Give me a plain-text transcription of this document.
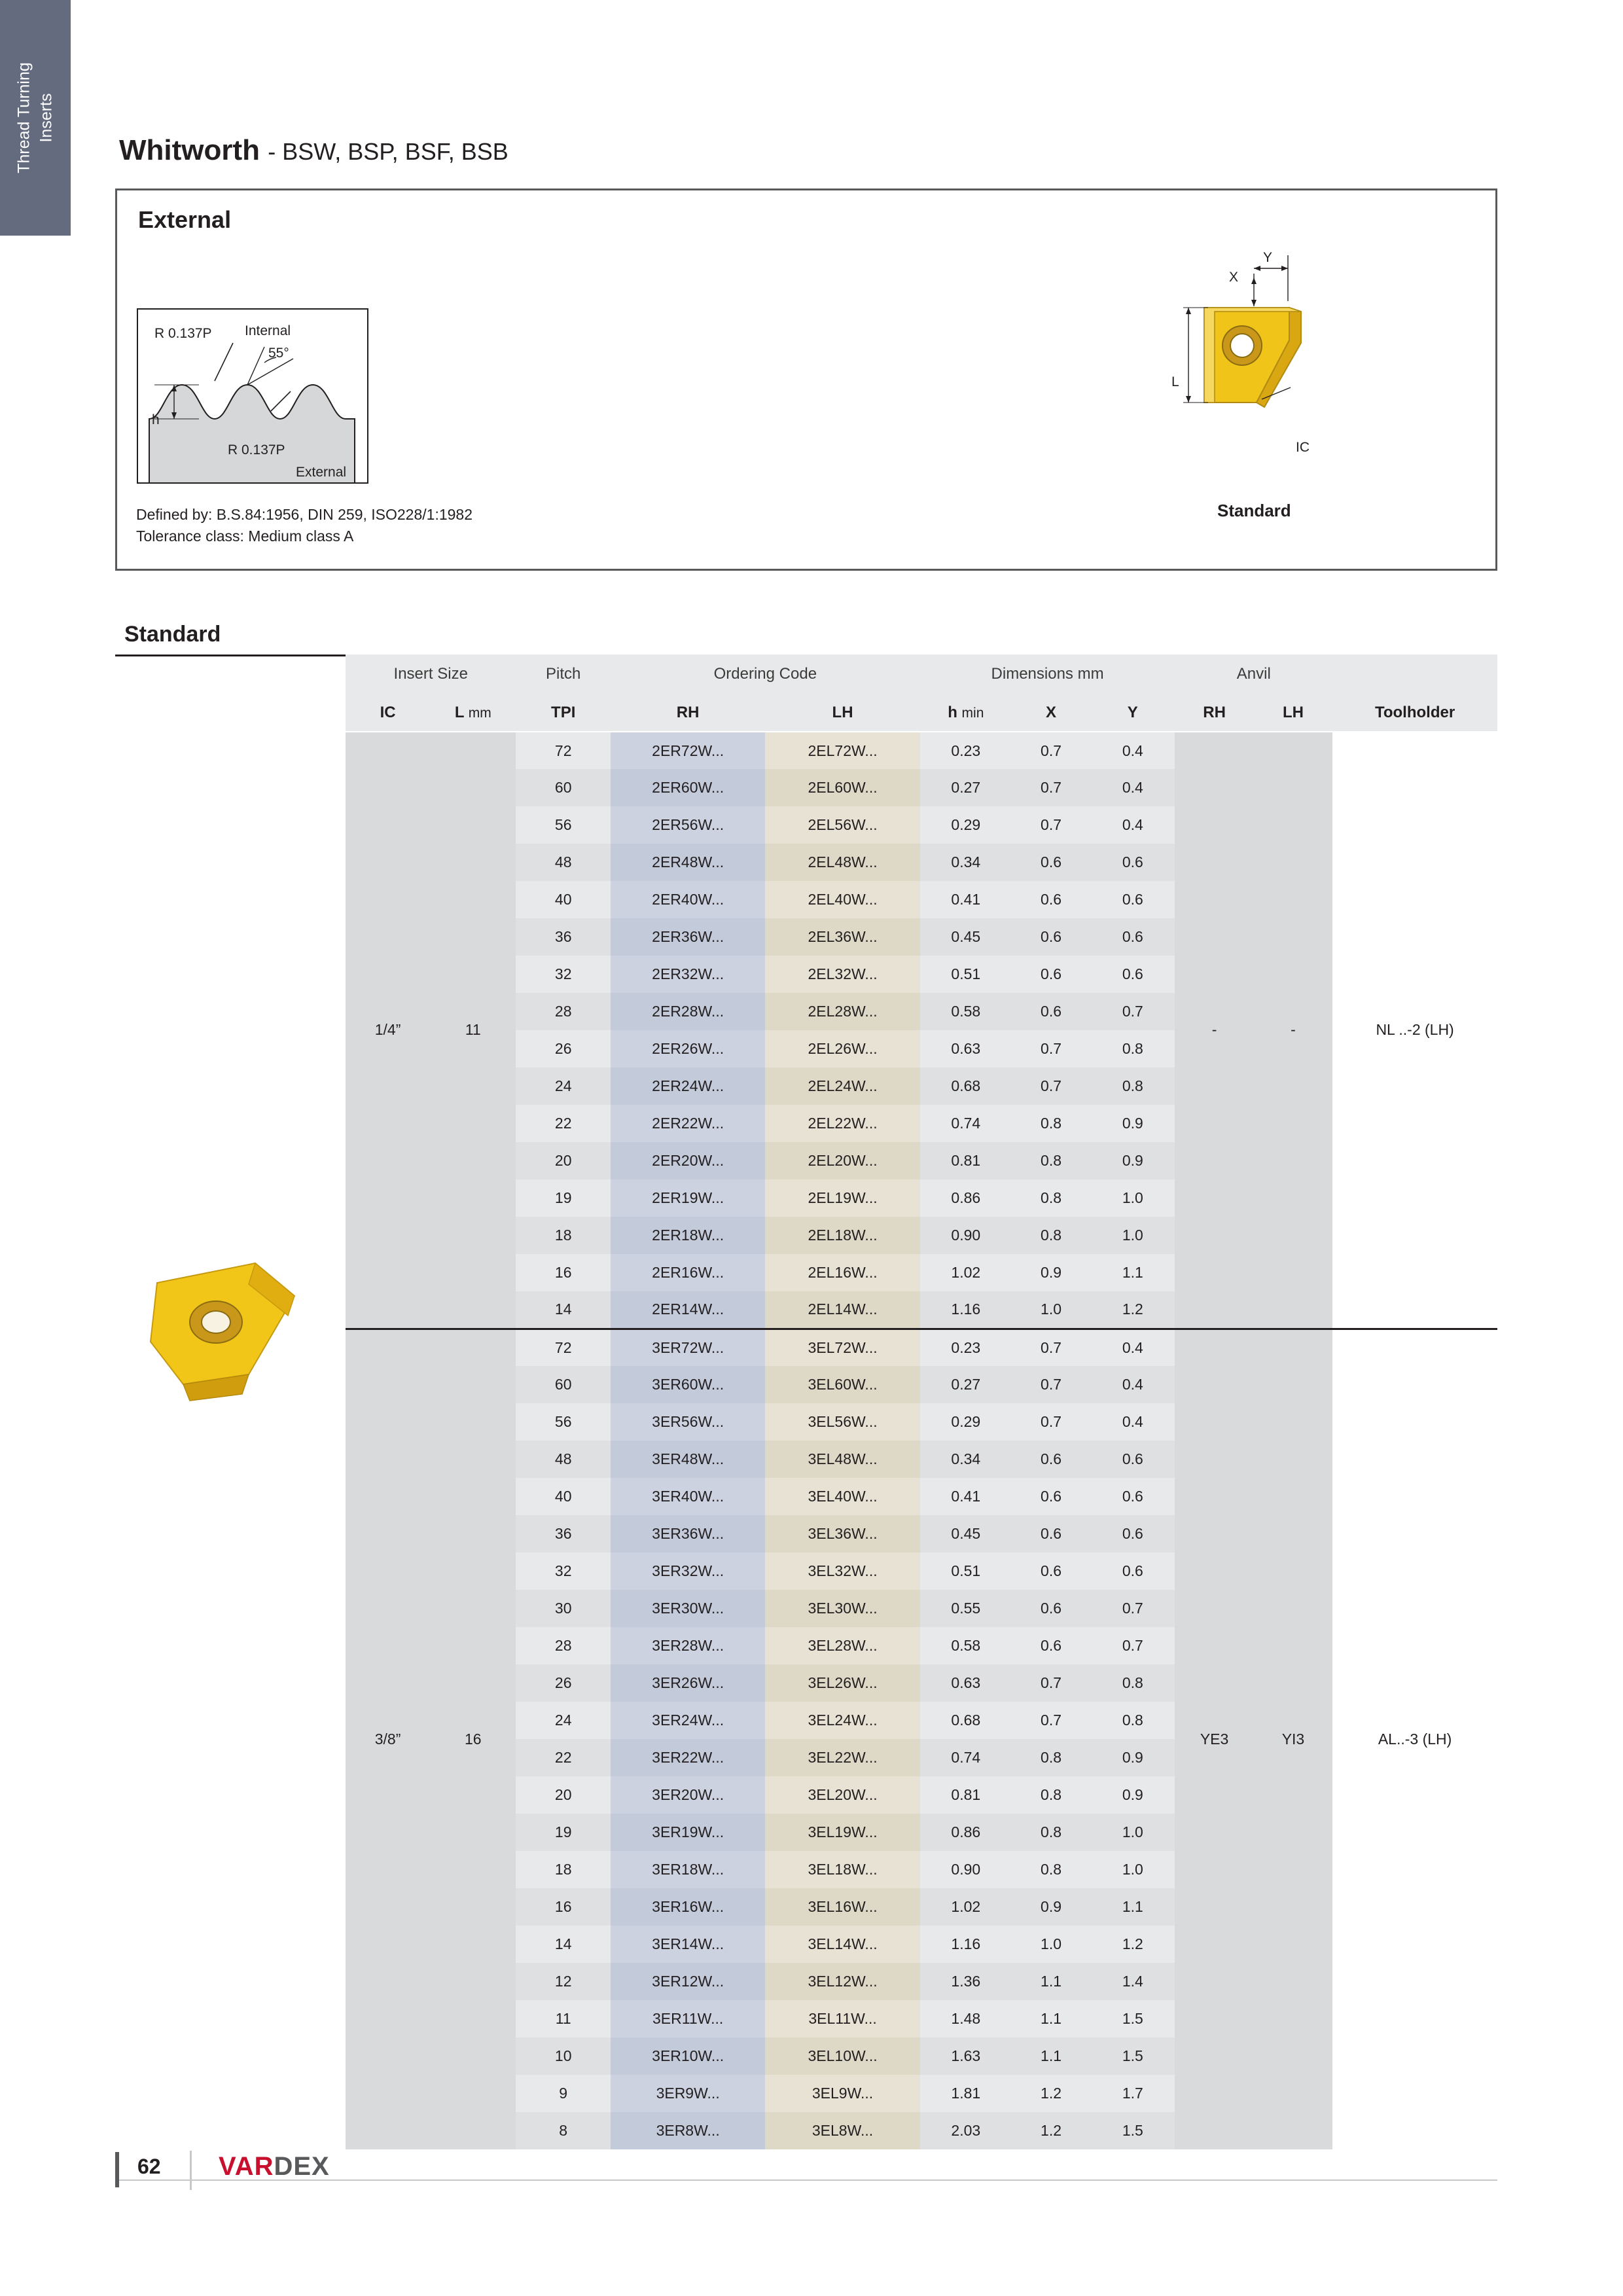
Thread Turning Inserts
Whitworth - BSW, BSP, BSF, BSB
External
R 0.137P Internal
55°
h
R 0.137P
External
Defined by: B.S.84:1956, DIN 259, ISO228/1:1982
Tolerance class: Medium class A
Y
X
L
IC
Standard
Standard
Insert Size		Pitch	Ordering Code		Dimensions mm			Anvil		
IC	L mm	TPI	RH	LH	h min	X	Y	RH	LH	Toolholder
1/4”	11	72	2ER72W...	2EL72W...	0.23	0.7	0.4	-	-	NL ..-2 (LH)
		60	2ER60W...	2EL60W...	0.27	0.7	0.4			
		56	2ER56W...	2EL56W...	0.29	0.7	0.4			
		48	2ER48W...	2EL48W...	0.34	0.6	0.6			
		40	2ER40W...	2EL40W...	0.41	0.6	0.6			
		36	2ER36W...	2EL36W...	0.45	0.6	0.6			
		32	2ER32W...	2EL32W...	0.51	0.6	0.6			
		28	2ER28W...	2EL28W...	0.58	0.6	0.7			
		26	2ER26W...	2EL26W...	0.63	0.7	0.8			
		24	2ER24W...	2EL24W...	0.68	0.7	0.8			
		22	2ER22W...	2EL22W...	0.74	0.8	0.9			
		20	2ER20W...	2EL20W...	0.81	0.8	0.9			
		19	2ER19W...	2EL19W...	0.86	0.8	1.0			
		18	2ER18W...	2EL18W...	0.90	0.8	1.0			
		16	2ER16W...	2EL16W...	1.02	0.9	1.1			
		14	2ER14W...	2EL14W...	1.16	1.0	1.2			
3/8”	16	72	3ER72W...	3EL72W...	0.23	0.7	0.4	YE3	YI3	AL..-3 (LH)
		60	3ER60W...	3EL60W...	0.27	0.7	0.4			
		56	3ER56W...	3EL56W...	0.29	0.7	0.4			
		48	3ER48W...	3EL48W...	0.34	0.6	0.6			
		40	3ER40W...	3EL40W...	0.41	0.6	0.6			
		36	3ER36W...	3EL36W...	0.45	0.6	0.6			
		32	3ER32W...	3EL32W...	0.51	0.6	0.6			
		30	3ER30W...	3EL30W...	0.55	0.6	0.7			
		28	3ER28W...	3EL28W...	0.58	0.6	0.7			
		26	3ER26W...	3EL26W...	0.63	0.7	0.8			
		24	3ER24W...	3EL24W...	0.68	0.7	0.8			
		22	3ER22W...	3EL22W...	0.74	0.8	0.9			
		20	3ER20W...	3EL20W...	0.81	0.8	0.9			
		19	3ER19W...	3EL19W...	0.86	0.8	1.0			
		18	3ER18W...	3EL18W...	0.90	0.8	1.0			
		16	3ER16W...	3EL16W...	1.02	0.9	1.1			
		14	3ER14W...	3EL14W...	1.16	1.0	1.2			
		12	3ER12W...	3EL12W...	1.36	1.1	1.4			
		11	3ER11W...	3EL11W...	1.48	1.1	1.5			
		10	3ER10W...	3EL10W...	1.63	1.1	1.5			
		9	3ER9W...	3EL9W...	1.81	1.2	1.7			
		8	3ER8W...	3EL8W...	2.03	1.2	1.5			
62 VARDEX
